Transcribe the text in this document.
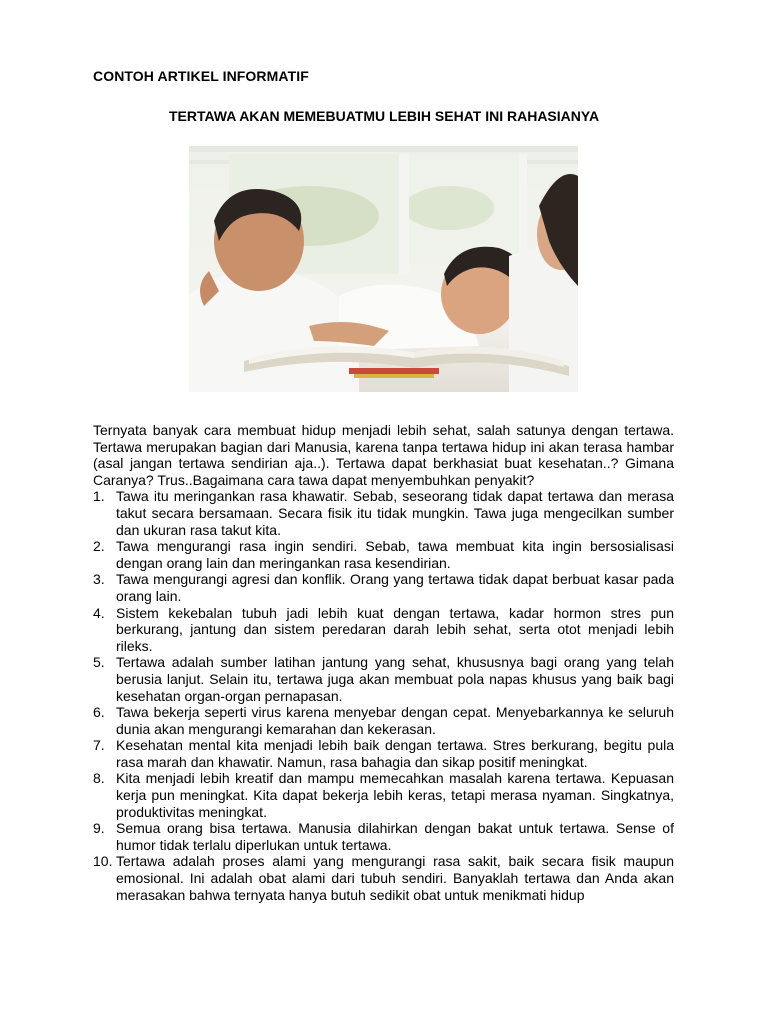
CONTOH ARTIKEL INFORMATIF
TERTAWA AKAN MEMEBUATMU LEBIH SEHAT INI RAHASIANYA

Ternyata banyak cara membuat hidup menjadi lebih sehat, salah satunya dengan tertawa. Tertawa merupakan bagian dari Manusia, karena tanpa tertawa hidup ini akan terasa hambar (asal jangan tertawa sendirian aja..). Tertawa dapat berkhasiat buat kesehatan..? Gimana Caranya? Trus..Bagaimana cara tawa dapat menyembuhkan penyakit?

1. Tawa itu meringankan rasa khawatir. Sebab, seseorang tidak dapat tertawa dan merasa takut secara bersamaan. Secara fisik itu tidak mungkin. Tawa juga mengecilkan sumber dan ukuran rasa takut kita.
2. Tawa mengurangi rasa ingin sendiri. Sebab, tawa membuat kita ingin bersosialisasi dengan orang lain dan meringankan rasa kesendirian.
3. Tawa mengurangi agresi dan konflik. Orang yang tertawa tidak dapat berbuat kasar pada orang lain.
4. Sistem kekebalan tubuh jadi lebih kuat dengan tertawa, kadar hormon stres pun berkurang, jantung dan sistem peredaran darah lebih sehat, serta otot menjadi lebih rileks.
5. Tertawa adalah sumber latihan jantung yang sehat, khususnya bagi orang yang telah berusia lanjut. Selain itu, tertawa juga akan membuat pola napas khusus yang baik bagi kesehatan organ-organ pernapasan.
6. Tawa bekerja seperti virus karena menyebar dengan cepat. Menyebarkannya ke seluruh dunia akan mengurangi kemarahan dan kekerasan.
7. Kesehatan mental kita menjadi lebih baik dengan tertawa. Stres berkurang, begitu pula rasa marah dan khawatir. Namun, rasa bahagia dan sikap positif meningkat.
8. Kita menjadi lebih kreatif dan mampu memecahkan masalah karena tertawa. Kepuasan kerja pun meningkat. Kita dapat bekerja lebih keras, tetapi merasa nyaman. Singkatnya, produktivitas meningkat.
9. Semua orang bisa tertawa. Manusia dilahirkan dengan bakat untuk tertawa. Sense of humor tidak terlalu diperlukan untuk tertawa.
10. Tertawa adalah proses alami yang mengurangi rasa sakit, baik secara fisik maupun emosional. Ini adalah obat alami dari tubuh sendiri. Banyaklah tertawa dan Anda akan merasakan bahwa ternyata hanya butuh sedikit obat untuk menikmati hidup
